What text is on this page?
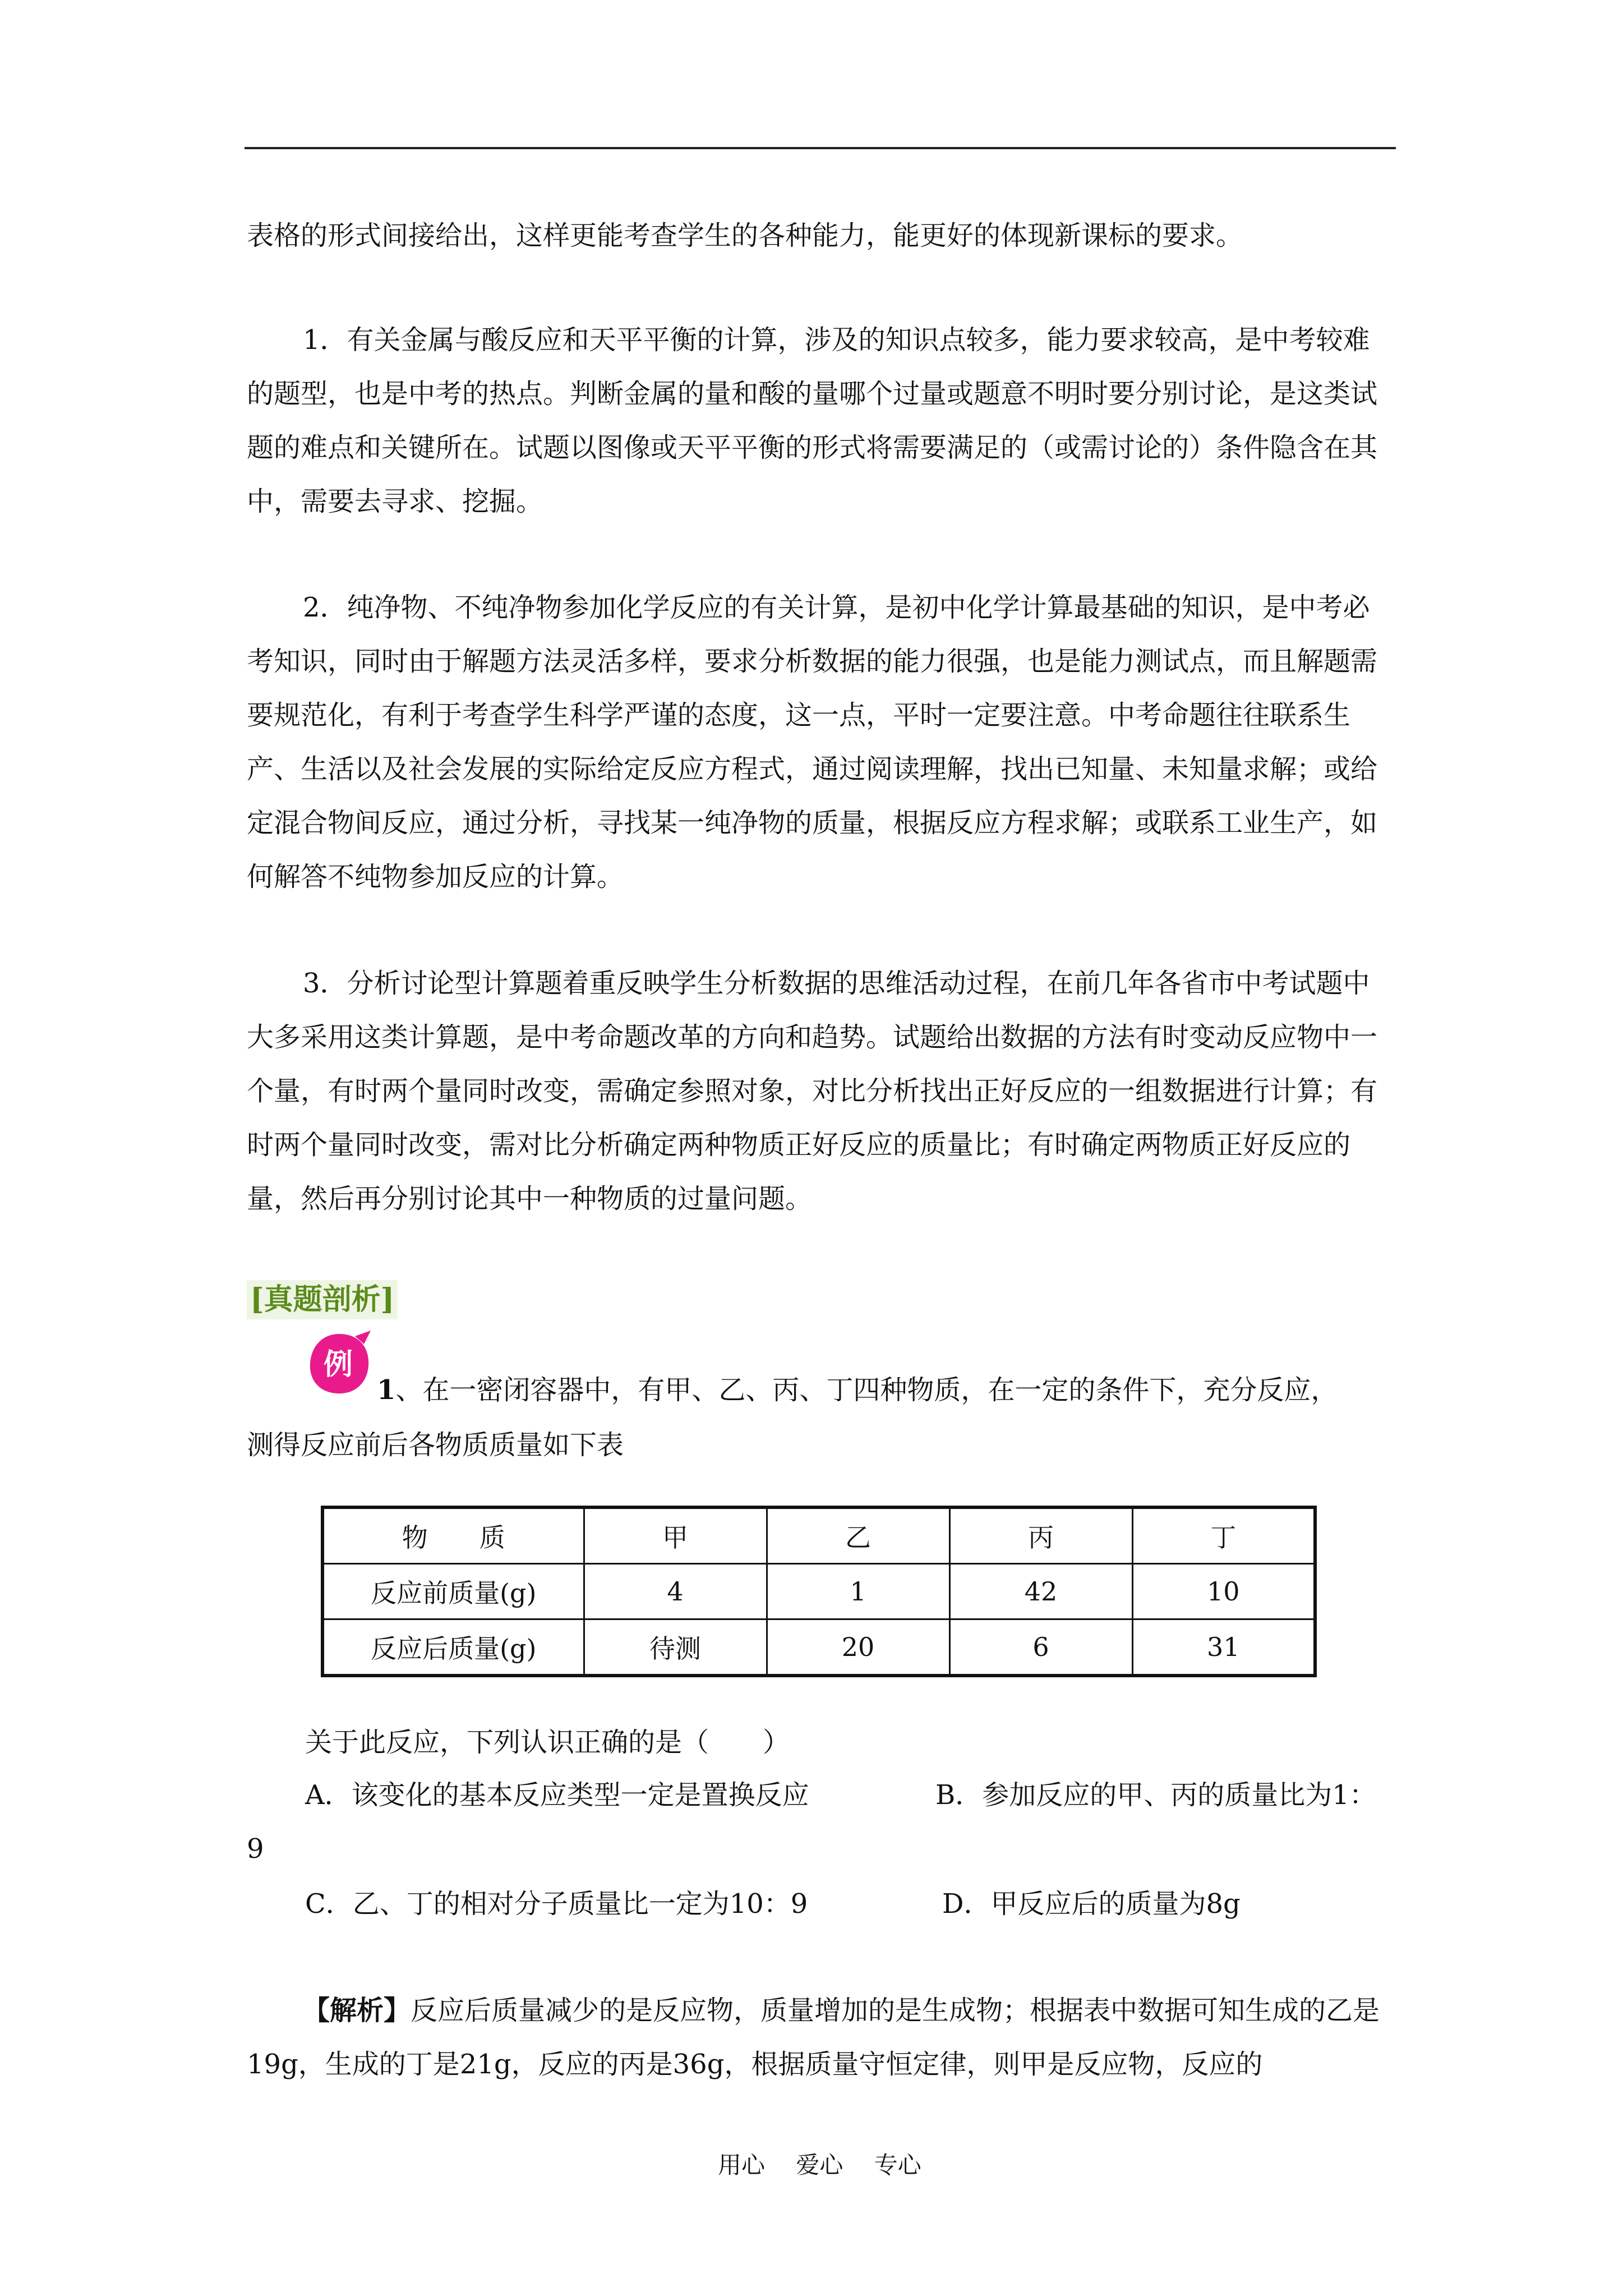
表格的形式间接给出，这样更能考查学生的各种能力，能更好的体现新课标的要求。

1．有关金属与酸反应和天平平衡的计算，涉及的知识点较多，能力要求较高，是中考较难的题型，也是中考的热点。判断金属的量和酸的量哪个过量或题意不明时要分别讨论，是这类试题的难点和关键所在。试题以图像或天平平衡的形式将需要满足的（或需讨论的）条件隐含在其中，需要去寻求、挖掘。

2．纯净物、不纯净物参加化学反应的有关计算，是初中化学计算最基础的知识，是中考必考知识，同时由于解题方法灵活多样，要求分析数据的能力很强，也是能力测试点，而且解题需要规范化，有利于考查学生科学严谨的态度，这一点，平时一定要注意。中考命题往往联系生产、生活以及社会发展的实际给定反应方程式，通过阅读理解，找出已知量、未知量求解；或给定混合物间反应，通过分析，寻找某一纯净物的质量，根据反应方程求解；或联系工业生产，如何解答不纯物参加反应的计算。

3．分析讨论型计算题着重反映学生分析数据的思维活动过程，在前几年各省市中考试题中大多采用这类计算题，是中考命题改革的方向和趋势。试题给出数据的方法有时变动反应物中一个量，有时两个量同时改变，需确定参照对象，对比分析找出正好反应的一组数据进行计算；有时两个量同时改变，需对比分析确定两种物质正好反应的质量比；有时确定两物质正好反应的量，然后再分别讨论其中一种物质的过量问题。

[真题剖析]
例
1、在一密闭容器中，有甲、乙、丙、丁四种物质，在一定的条件下，充分反应，
测得反应前后各物质质量如下表
物　　质	甲	乙	丙	丁
反应前质量(g)	4	1	42	10
反应后质量(g)	待测	20	6	31
关于此反应，下列认识正确的是（　　）
A．该变化的基本反应类型一定是置换反应	B．参加反应的甲、丙的质量比为1：
9
C．乙、丁的相对分子质量比一定为10：9	D．甲反应后的质量为8g

【解析】反应后质量减少的是反应物，质量增加的是生成物；根据表中数据可知生成的乙是19g，生成的丁是21g，反应的丙是36g，根据质量守恒定律，则甲是反应物，反应的

用心　 爱心　 专心
